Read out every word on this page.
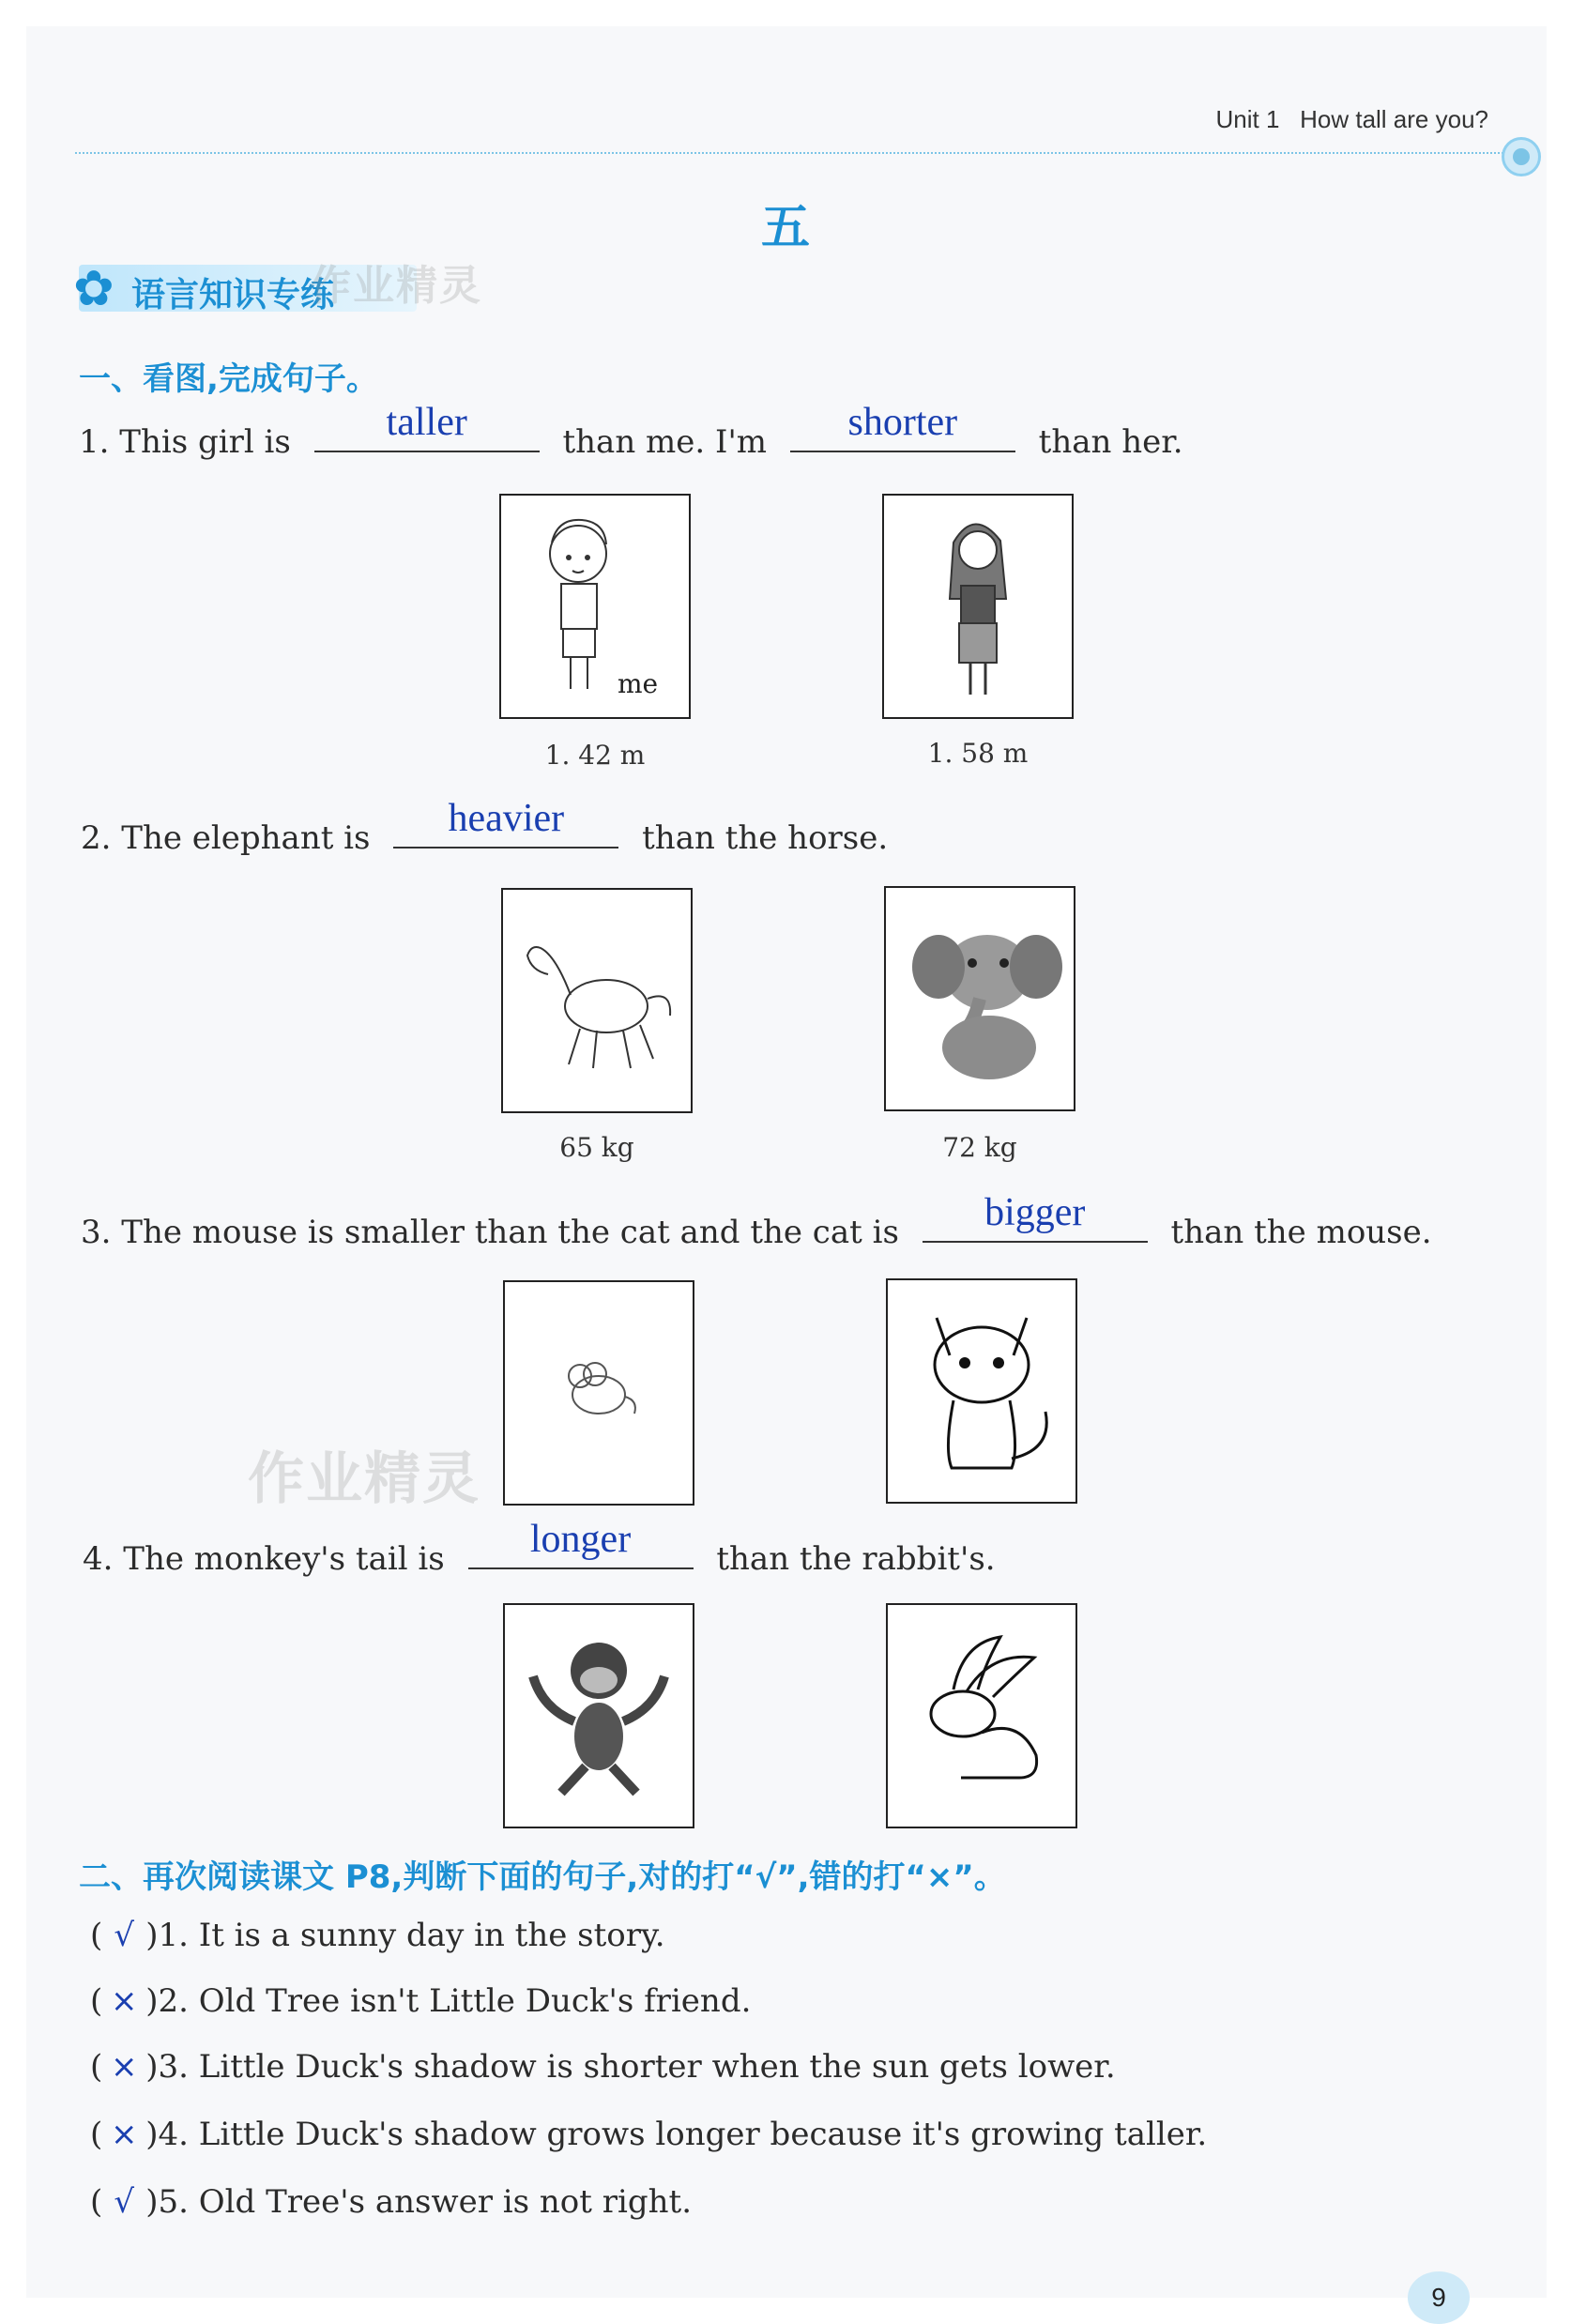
Unit 1 How tall are you?
五
✿ 语言知识专练
作业精灵
作业精灵
一、看图,完成句子。
1. This girl is	taller	than me. I'm	shorter	than her.
me
1. 42 m	1. 58 m
2. The elephant is	heavier	than the horse.
65 kg	72 kg
3. The mouse is smaller than the cat and the cat is	bigger	than the mouse.
4. The monkey's tail is	longer	than the rabbit's.
二、再次阅读课文 P8,判断下面的句子,对的打“√”,错的打“×”。
( √ )1. It is a sunny day in the story.
( × )2. Old Tree isn't Little Duck's friend.
( × )3. Little Duck's shadow is shorter when the sun gets lower.
( × )4. Little Duck's shadow grows longer because it's growing taller.
( √ )5. Old Tree's answer is not right.
9
